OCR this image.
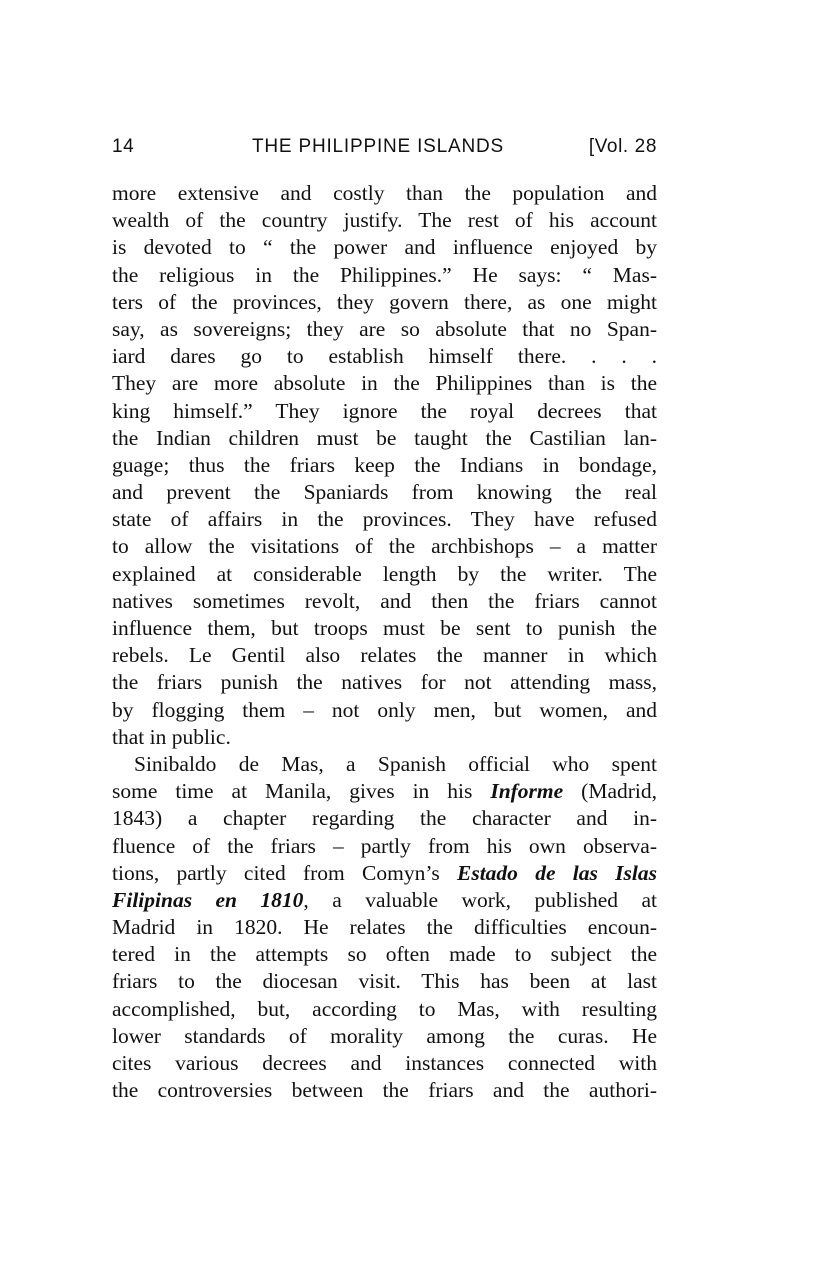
14	THE PHILIPPINE ISLANDS	[Vol. 28
more extensive and costly than the population and
wealth of the country justify. The rest of his account
is devoted to “ the power and influence enjoyed by
the religious in the Philippines.” He says: “ Mas-
ters of the provinces, they govern there, as one might
say, as sovereigns; they are so absolute that no Span-
iard dares go to establish himself there. . . .
They are more absolute in the Philippines than is the
king himself.” They ignore the royal decrees that
the Indian children must be taught the Castilian lan-
guage; thus the friars keep the Indians in bondage,
and prevent the Spaniards from knowing the real
state of affairs in the provinces. They have refused
to allow the visitations of the archbishops – a matter
explained at considerable length by the writer. The
natives sometimes revolt, and then the friars cannot
influence them, but troops must be sent to punish the
rebels. Le Gentil also relates the manner in which
the friars punish the natives for not attending mass,
by flogging them – not only men, but women, and
that in public.
Sinibaldo de Mas, a Spanish official who spent
some time at Manila, gives in his Informe (Madrid,
1843) a chapter regarding the character and in-
fluence of the friars – partly from his own observa-
tions, partly cited from Comyn’s Estado de las Islas
Filipinas en 1810, a valuable work, published at
Madrid in 1820. He relates the difficulties encoun-
tered in the attempts so often made to subject the
friars to the diocesan visit. This has been at last
accomplished, but, according to Mas, with resulting
lower standards of morality among the curas. He
cites various decrees and instances connected with
the controversies between the friars and the authori-
